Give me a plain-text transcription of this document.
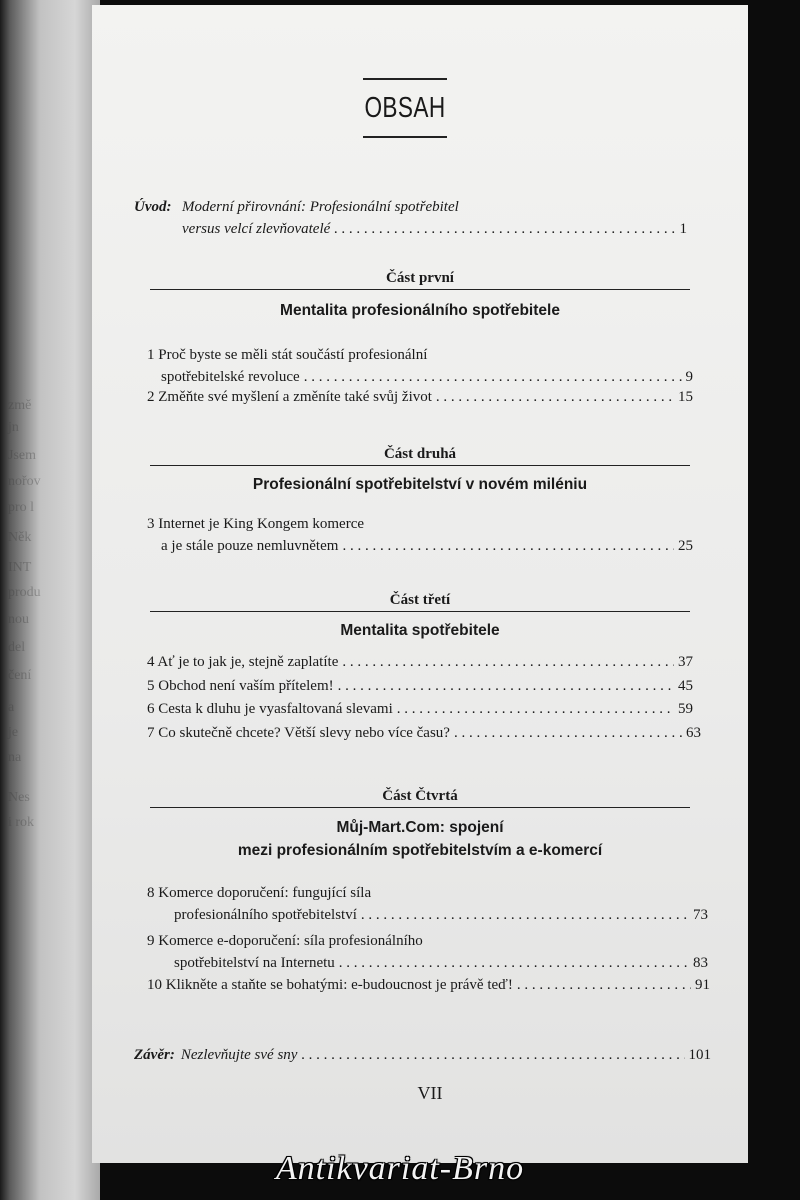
změ
jn
Jsem
nořov
pro l
Něk
INT
produ
nou
del
čení
a
je
na
Nes
i rok
OBSAH
Úvod: Moderní přirovnání: Profesionální spotřebitel
versus velcí zlevňovatelé . . .	1
Část první
Mentalita profesionálního spotřebitele
1 Proč byste se měli stát součástí profesionální
spotřebitelské revoluce . . .	9
2 Změňte své myšlení a změníte také svůj život . . .	15
Část druhá
Profesionální spotřebitelství v novém miléniu
3 Internet je King Kongem komerce
a je stále pouze nemluvnětem . . .	25
Část třetí
Mentalita spotřebitele
4 Ať je to jak je, stejně zaplatíte . . .	37
5 Obchod není vaším přítelem! . . .	45
6 Cesta k dluhu je vyasfaltovaná slevami . . .	59
7 Co skutečně chcete? Větší slevy nebo více času? . . .	63
Část Čtvrtá
Můj-Mart.Com: spojení
mezi profesionálním spotřebitelstvím a e-komercí
8 Komerce doporučení: fungující síla
profesionálního spotřebitelství . . .	73
9 Komerce e-doporučení: síla profesionálního
spotřebitelství na Internetu . . .	83
10 Klikněte a staňte se bohatými: e-budoucnost je právě teď! . . .	91
Závěr: Nezlevňujte své sny . . .	101
VII
Antikvariat-Brno
